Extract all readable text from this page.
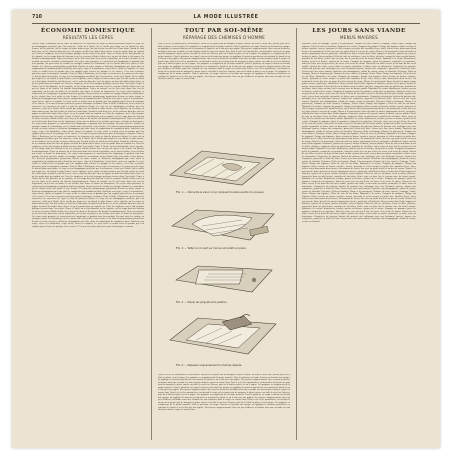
710	LA MODE ILLUSTRÉE
ÉCONOMIE DOMESTIQUE
RÉSULTATS LES CÈPES

Dans le Midi, à Bordeaux, on les cèpes en conserves; les conserves de cèpes se font de plusieurs façons. Le cèpe est un champignon excellent, que l'on conserve, séché ou à l'huile. On le cueille par temps sec; on choisit les plus fermes, on les épluche, on les coupe en lames minces que l'on fait sécher au soleil ou à four doux. Quand ils sont bien secs, on les enferme dans des sacs de papier ou dans des boîtes bien closes et on les garde dans un endroit sec. Pour les employer, on les fait tremper quelques heures dans l'eau tiède. Cèpes à l'huile: on les fait blanchir, on les égoutte, on les range dans des bocaux et on les recouvre d'huile d'olive avec un peu de thym et de laurier. On bouche hermétiquement. Cèpes au naturel: on les fait cuire dans leur eau de végétation, on les met en boîtes et on stérilise une heure et demie au bain-marie. Les cèpes ainsi préparés se conservent très longtemps et gardent tout leur parfum. On peut aussi les confire au vinaigre comme les cornichons; on les choisit alors très petits et très fermes. Ces diverses préparations permettent d'avoir en toute saison ce délicieux champignon qui entre dans la composition de nombreux plats. Omelette aux cèpes, cèpes à la bordelaise, cèpes farcis, sauces et ragoûts. Le cèpe séché se réduit aussi en poudre que l'on emploie pour relever les potages et les sauces. C'est une ressource précieuse pour la ménagère économe. Dans le Midi, à Bordeaux, on les cèpes en conserves; les conserves de cèpes se font de plusieurs façons. Le cèpe est un champignon excellent, que l'on conserve, séché ou à l'huile. On le cueille par temps sec; on choisit les plus fermes, on les épluche, on les coupe en lames minces que l'on fait sécher au soleil ou à four doux. Quand ils sont bien secs, on les enferme dans des sacs de papier ou dans des boîtes bien closes et on les garde dans un endroit sec. Pour les employer, on les fait tremper quelques heures dans l'eau tiède. Cèpes à l'huile: on les fait blanchir, on les égoutte, on les range dans des bocaux et on les recouvre d'huile d'olive avec un peu de thym et de laurier. On bouche hermétiquement. Cèpes au naturel: on les fait cuire dans leur eau de végétation, on les met en boîtes et on stérilise une heure et demie au bain-marie. Les cèpes ainsi préparés se conservent très longtemps et gardent tout leur parfum. On peut aussi les confire au vinaigre comme les cornichons; on les choisit alors très petits et très fermes. Ces diverses préparations permettent d'avoir en toute saison ce délicieux champignon qui entre dans la composition de nombreux plats. Omelette aux cèpes, cèpes à la bordelaise, cèpes farcis, sauces et ragoûts. Le cèpe séché se réduit aussi en poudre que l'on emploie pour relever les potages et les sauces. C'est une ressource précieuse pour la ménagère économe. Dans le Midi, à Bordeaux, on les cèpes en conserves; les conserves de cèpes se font de plusieurs façons. Le cèpe est un champignon excellent, que l'on conserve, séché ou à l'huile. On le cueille par temps sec; on choisit les plus fermes, on les épluche, on les coupe en lames minces que l'on fait sécher au soleil ou à four doux. Quand ils sont bien secs, on les enferme dans des sacs de papier ou dans des boîtes bien closes et on les garde dans un endroit sec. Pour les employer, on les fait tremper quelques heures dans l'eau tiède. Cèpes à l'huile: on les fait blanchir, on les égoutte, on les range dans des bocaux et on les recouvre d'huile d'olive avec un peu de thym et de laurier. On bouche hermétiquement. Cèpes au naturel: on les fait cuire dans leur eau de végétation, on les met en boîtes et on stérilise une heure et demie au bain-marie. Les cèpes ainsi préparés se conservent très longtemps et gardent tout leur parfum. On peut aussi les confire au vinaigre comme les cornichons; on les choisit alors très petits et très fermes. Ces diverses préparations permettent d'avoir en toute saison ce délicieux champignon qui entre dans la composition de nombreux plats. Omelette aux cèpes, cèpes à la bordelaise, cèpes farcis, sauces et ragoûts. Le cèpe séché se réduit aussi en poudre que l'on emploie pour relever les potages et les sauces. C'est une ressource précieuse pour la ménagère économe. Dans le Midi, à Bordeaux, on les cèpes en conserves; les conserves de cèpes se font de plusieurs façons. Le cèpe est un champignon excellent, que l'on conserve, séché ou à l'huile. On le cueille par temps sec; on choisit les plus fermes, on les épluche, on les coupe en lames minces que l'on fait sécher au soleil ou à four doux. Quand ils sont bien secs, on les enferme dans des sacs de papier ou dans des boîtes bien closes et on les garde dans un endroit sec. Pour les employer, on les fait tremper quelques heures dans l'eau tiède. Cèpes à l'huile: on les fait blanchir, on les égoutte, on les range dans des bocaux et on les recouvre d'huile d'olive avec un peu de thym et de laurier. On bouche hermétiquement. Cèpes au naturel: on les fait cuire dans leur eau de végétation, on les met en boîtes et on stérilise une heure et demie au bain-marie. Les cèpes ainsi préparés se conservent très longtemps et gardent tout leur parfum. On peut aussi les confire au vinaigre comme les cornichons; on les choisit alors très petits et très fermes. Ces diverses préparations permettent d'avoir en toute saison ce délicieux champignon qui entre dans la composition de nombreux plats. Omelette aux cèpes, cèpes à la bordelaise, cèpes farcis, sauces et ragoûts. Le cèpe séché se réduit aussi en poudre que l'on emploie pour relever les potages et les sauces. C'est une ressource précieuse pour la ménagère économe. Dans le Midi, à Bordeaux, on les cèpes en conserves; les conserves de cèpes se font de plusieurs façons. Le cèpe est un champignon excellent, que l'on conserve, séché ou à l'huile. On le cueille par temps sec; on choisit les plus fermes, on les épluche, on les coupe en lames minces que l'on fait sécher au soleil ou à four doux. Quand ils sont bien secs, on les enferme dans des sacs de papier ou dans des boîtes bien closes et on les garde dans un endroit sec. Pour les employer, on les fait tremper quelques heures dans l'eau tiède. Cèpes à l'huile: on les fait blanchir, on les égoutte, on les range dans des bocaux et on les recouvre d'huile d'olive avec un peu de thym et de laurier. On bouche hermétiquement. Cèpes au naturel: on les fait cuire dans leur eau de végétation, on les met en boîtes et on stérilise une heure et demie au bain-marie. Les cèpes ainsi préparés se conservent très longtemps et gardent tout leur parfum. On peut aussi les confire au vinaigre comme les cornichons; on les choisit alors très petits et très fermes. Ces diverses préparations permettent d'avoir en toute saison ce délicieux champignon qui entre dans la composition de nombreux plats. Omelette aux cèpes, cèpes à la bordelaise, cèpes farcis, sauces et ragoûts. Le cèpe séché se réduit aussi en poudre que l'on emploie pour relever les potages et les sauces. C'est une ressource précieuse pour la ménagère économe. Dans le Midi, à Bordeaux, on les cèpes en conserves; les conserves de cèpes se font de plusieurs façons. Le cèpe est un champignon excellent, que l'on conserve, séché ou à l'huile. On le cueille par temps sec; on choisit les plus fermes, on les épluche, on les coupe en lames minces que l'on fait sécher au soleil ou à four doux. Quand ils sont bien secs, on les enferme dans des sacs de papier ou dans des boîtes bien closes et on les garde dans un endroit sec. Pour les employer, on les fait tremper quelques heures dans l'eau tiède. Cèpes à l'huile: on les fait blanchir, on les égoutte, on les range dans des bocaux et on les recouvre d'huile d'olive avec un peu de thym et de laurier. On bouche hermétiquement. Cèpes au naturel: on les fait cuire dans leur eau de végétation, on les met en boîtes et on stérilise une heure et demie au bain-marie. Les cèpes ainsi préparés se conservent très longtemps et gardent tout leur parfum. On peut aussi les confire au vinaigre comme les cornichons; on les choisit alors très petits et très fermes. Ces diverses préparations permettent d'avoir en toute saison ce délicieux champignon qui entre dans la composition de nombreux plats. Omelette aux cèpes, cèpes à la bordelaise, cèpes farcis, sauces et ragoûts. Le cèpe séché se réduit aussi en poudre que l'on emploie pour relever les potages et les sauces. C'est une ressource précieuse pour la ménagère économe.

TOUT PAR SOI-MÊME
RÉPARAGE DES CHEMISES D'HOMME

Pour le col et les manchettes, on découd le vieux col en ayant soin de marquer la place exacte; on taille le neuf sur l'ancien, puis on le bâtit en place et on le pique. Les poignets se remplacent de la même manière. Pour le plastron, on coupe l'ancien en laissant une marge; on applique le nouveau par-dessus en rentrant les bords et on le fixe par une piqûre. On repasse soigneusement. Avec un peu d'adresse on donne ainsi une seconde vie aux chemises dont le corps est encore bon. Pour le col et les manchettes, on découd le vieux col en ayant soin de marquer la place exacte; on taille le neuf sur l'ancien, puis on le bâtit en place et on le pique. Les poignets se remplacent de la même manière. Pour le plastron, on coupe l'ancien en laissant une marge; on applique le nouveau par-dessus en rentrant les bords et on le fixe par une piqûre. On repasse soigneusement. Avec un peu d'adresse on donne ainsi une seconde vie aux chemises dont le corps est encore bon. Pour le col et les manchettes, on découd le vieux col en ayant soin de marquer la place exacte; on taille le neuf sur l'ancien, puis on le bâtit en place et on le pique. Les poignets se remplacent de la même manière. Pour le plastron, on coupe l'ancien en laissant une marge; on applique le nouveau par-dessus en rentrant les bords et on le fixe par une piqûre. On repasse soigneusement. Avec un peu d'adresse on donne ainsi une seconde vie aux chemises dont le corps est encore bon. Pour le col et les manchettes, on découd le vieux col en ayant soin de marquer la place exacte; on taille le neuf sur l'ancien, puis on le bâtit en place et on le pique. Les poignets se remplacent de la même manière. Pour le plastron, on coupe l'ancien en laissant une marge; on applique le nouveau par-dessus en rentrant les bords et on le fixe par une piqûre. On repasse soigneusement. Avec un peu d'adresse on donne ainsi une seconde vie aux chemises dont le corps est encore bon.

FIG. 1. — Découdre le vieux col en marquant la place exacte du nouveau.
FIG. 2. — Tailler le col neuf sur l'ancien et le bâtir en place.
FIG. 3. — Piquer les poignets et le plastron.
FIG. 4. — Repasser soigneusement la chemise réparée.

Pour le col et les manchettes, on découd le vieux col en ayant soin de marquer la place exacte; on taille le neuf sur l'ancien, puis on le bâtit en place et on le pique. Les poignets se remplacent de la même manière. Pour le plastron, on coupe l'ancien en laissant une marge; on applique le nouveau par-dessus en rentrant les bords et on le fixe par une piqûre. On repasse soigneusement. Avec un peu d'adresse on donne ainsi une seconde vie aux chemises dont le corps est encore bon. Pour le col et les manchettes, on découd le vieux col en ayant soin de marquer la place exacte; on taille le neuf sur l'ancien, puis on le bâtit en place et on le pique. Les poignets se remplacent de la même manière. Pour le plastron, on coupe l'ancien en laissant une marge; on applique le nouveau par-dessus en rentrant les bords et on le fixe par une piqûre. On repasse soigneusement. Avec un peu d'adresse on donne ainsi une seconde vie aux chemises dont le corps est encore bon. Pour le col et les manchettes, on découd le vieux col en ayant soin de marquer la place exacte; on taille le neuf sur l'ancien, puis on le bâtit en place et on le pique. Les poignets se remplacent de la même manière. Pour le plastron, on coupe l'ancien en laissant une marge; on applique le nouveau par-dessus en rentrant les bords et on le fixe par une piqûre. On repasse soigneusement. Avec un peu d'adresse on donne ainsi une seconde vie aux chemises dont le corps est encore bon. Pour le col et les manchettes, on découd le vieux col en ayant soin de marquer la place exacte; on taille le neuf sur l'ancien, puis on le bâtit en place et on le pique. Les poignets se remplacent de la même manière. Pour le plastron, on coupe l'ancien en laissant une marge; on applique le nouveau par-dessus en rentrant les bords et on le fixe par une piqûre. On repasse soigneusement. Avec un peu d'adresse on donne ainsi une seconde vie aux chemises dont le corps est encore bon.

LES JOURS SANS VIANDE
MENUS MAIGRES

Déjeuner: Œufs au fromage, Morue à la provençale, Pommes de terre sautées, Fromage, Fruits. Dîner: Potage aux légumes, Filets de sole au vin blanc, Épinards à la crème, Compote de pommes. Potage aux légumes: faites revenir au beurre carottes, navets, poireaux et céleri coupés en petits dés; mouillez d'eau, salez, laissez cuire doucement deux heures. Au moment de servir, liez avec un jaune d'œuf et un peu de crème. Morue à la provençale: faites dessaler la morue vingt-quatre heures, pochez-la, effeuillez-la; faites revenir dans l'huile oignons et tomates, ajoutez ail et persil, mettez la morue, laissez mijoter. Filets de sole au vin blanc: levez les filets, pliez-les, rangez-les dans un plat beurré, mouillez de vin blanc, faites cuire au four, liez la cuisson avec du beurre manié. Épinards à la crème: blanchissez, hachez, passez au beurre, ajoutez de la crème. Compote de pommes: pelez les pommes, coupez-les en quartiers, faites-les cuire avec un peu d'eau, de sucre et de zeste de citron. Gâteau de riz: faites crever le riz dans du lait sucré vanillé, ajoutez des œufs, versez dans un moule caramélisé et faites cuire au bain-marie. Croquettes de poisson: hachez du poisson cuit, mélangez avec une béchamel épaisse, formez des croquettes, panez-les et faites-les frire. Servez avec une sauce tomate. Omelette aux champignons, salade de saison, crème au chocolat. Déjeuner: Œufs au fromage, Morue à la provençale, Pommes de terre sautées, Fromage, Fruits. Dîner: Potage aux légumes, Filets de sole au vin blanc, Épinards à la crème, Compote de pommes. Potage aux légumes: faites revenir au beurre carottes, navets, poireaux et céleri coupés en petits dés; mouillez d'eau, salez, laissez cuire doucement deux heures. Au moment de servir, liez avec un jaune d'œuf et un peu de crème. Morue à la provençale: faites dessaler la morue vingt-quatre heures, pochez-la, effeuillez-la; faites revenir dans l'huile oignons et tomates, ajoutez ail et persil, mettez la morue, laissez mijoter. Filets de sole au vin blanc: levez les filets, pliez-les, rangez-les dans un plat beurré, mouillez de vin blanc, faites cuire au four, liez la cuisson avec du beurre manié. Épinards à la crème: blanchissez, hachez, passez au beurre, ajoutez de la crème. Compote de pommes: pelez les pommes, coupez-les en quartiers, faites-les cuire avec un peu d'eau, de sucre et de zeste de citron. Gâteau de riz: faites crever le riz dans du lait sucré vanillé, ajoutez des œufs, versez dans un moule caramélisé et faites cuire au bain-marie. Croquettes de poisson: hachez du poisson cuit, mélangez avec une béchamel épaisse, formez des croquettes, panez-les et faites-les frire. Servez avec une sauce tomate. Omelette aux champignons, salade de saison, crème au chocolat. Déjeuner: Œufs au fromage, Morue à la provençale, Pommes de terre sautées, Fromage, Fruits. Dîner: Potage aux légumes, Filets de sole au vin blanc, Épinards à la crème, Compote de pommes. Potage aux légumes: faites revenir au beurre carottes, navets, poireaux et céleri coupés en petits dés; mouillez d'eau, salez, laissez cuire doucement deux heures. Au moment de servir, liez avec un jaune d'œuf et un peu de crème. Morue à la provençale: faites dessaler la morue vingt-quatre heures, pochez-la, effeuillez-la; faites revenir dans l'huile oignons et tomates, ajoutez ail et persil, mettez la morue, laissez mijoter. Filets de sole au vin blanc: levez les filets, pliez-les, rangez-les dans un plat beurré, mouillez de vin blanc, faites cuire au four, liez la cuisson avec du beurre manié. Épinards à la crème: blanchissez, hachez, passez au beurre, ajoutez de la crème. Compote de pommes: pelez les pommes, coupez-les en quartiers, faites-les cuire avec un peu d'eau, de sucre et de zeste de citron. Gâteau de riz: faites crever le riz dans du lait sucré vanillé, ajoutez des œufs, versez dans un moule caramélisé et faites cuire au bain-marie. Croquettes de poisson: hachez du poisson cuit, mélangez avec une béchamel épaisse, formez des croquettes, panez-les et faites-les frire. Servez avec une sauce tomate. Omelette aux champignons, salade de saison, crème au chocolat. Déjeuner: Œufs au fromage, Morue à la provençale, Pommes de terre sautées, Fromage, Fruits. Dîner: Potage aux légumes, Filets de sole au vin blanc, Épinards à la crème, Compote de pommes. Potage aux légumes: faites revenir au beurre carottes, navets, poireaux et céleri coupés en petits dés; mouillez d'eau, salez, laissez cuire doucement deux heures. Au moment de servir, liez avec un jaune d'œuf et un peu de crème. Morue à la provençale: faites dessaler la morue vingt-quatre heures, pochez-la, effeuillez-la; faites revenir dans l'huile oignons et tomates, ajoutez ail et persil, mettez la morue, laissez mijoter. Filets de sole au vin blanc: levez les filets, pliez-les, rangez-les dans un plat beurré, mouillez de vin blanc, faites cuire au four, liez la cuisson avec du beurre manié. Épinards à la crème: blanchissez, hachez, passez au beurre, ajoutez de la crème. Compote de pommes: pelez les pommes, coupez-les en quartiers, faites-les cuire avec un peu d'eau, de sucre et de zeste de citron. Gâteau de riz: faites crever le riz dans du lait sucré vanillé, ajoutez des œufs, versez dans un moule caramélisé et faites cuire au bain-marie. Croquettes de poisson: hachez du poisson cuit, mélangez avec une béchamel épaisse, formez des croquettes, panez-les et faites-les frire. Servez avec une sauce tomate. Omelette aux champignons, salade de saison, crème au chocolat. Déjeuner: Œufs au fromage, Morue à la provençale, Pommes de terre sautées, Fromage, Fruits. Dîner: Potage aux légumes, Filets de sole au vin blanc, Épinards à la crème, Compote de pommes. Potage aux légumes: faites revenir au beurre carottes, navets, poireaux et céleri coupés en petits dés; mouillez d'eau, salez, laissez cuire doucement deux heures. Au moment de servir, liez avec un jaune d'œuf et un peu de crème. Morue à la provençale: faites dessaler la morue vingt-quatre heures, pochez-la, effeuillez-la; faites revenir dans l'huile oignons et tomates, ajoutez ail et persil, mettez la morue, laissez mijoter. Filets de sole au vin blanc: levez les filets, pliez-les, rangez-les dans un plat beurré, mouillez de vin blanc, faites cuire au four, liez la cuisson avec du beurre manié. Épinards à la crème: blanchissez, hachez, passez au beurre, ajoutez de la crème. Compote de pommes: pelez les pommes, coupez-les en quartiers, faites-les cuire avec un peu d'eau, de sucre et de zeste de citron. Gâteau de riz: faites crever le riz dans du lait sucré vanillé, ajoutez des œufs, versez dans un moule caramélisé et faites cuire au bain-marie. Croquettes de poisson: hachez du poisson cuit, mélangez avec une béchamel épaisse, formez des croquettes, panez-les et faites-les frire. Servez avec une sauce tomate. Omelette aux champignons, salade de saison, crème au chocolat. Déjeuner: Œufs au fromage, Morue à la provençale, Pommes de terre sautées, Fromage, Fruits. Dîner: Potage aux légumes, Filets de sole au vin blanc, Épinards à la crème, Compote de pommes. Potage aux légumes: faites revenir au beurre carottes, navets, poireaux et céleri coupés en petits dés; mouillez d'eau, salez, laissez cuire doucement deux heures. Au moment de servir, liez avec un jaune d'œuf et un peu de crème. Morue à la provençale: faites dessaler la morue vingt-quatre heures, pochez-la, effeuillez-la; faites revenir dans l'huile oignons et tomates, ajoutez ail et persil, mettez la morue, laissez mijoter. Filets de sole au vin blanc: levez les filets, pliez-les, rangez-les dans un plat beurré, mouillez de vin blanc, faites cuire au four, liez la cuisson avec du beurre manié. Épinards à la crème: blanchissez, hachez, passez au beurre, ajoutez de la crème. Compote de pommes: pelez les pommes, coupez-les en quartiers, faites-les cuire avec un peu d'eau, de sucre et de zeste de citron. Gâteau de riz: faites crever le riz dans du lait sucré vanillé, ajoutez des œufs, versez dans un moule caramélisé et faites cuire au bain-marie. Croquettes de poisson: hachez du poisson cuit, mélangez avec une béchamel épaisse, formez des croquettes, panez-les et faites-les frire. Servez avec une sauce tomate. Omelette aux champignons, salade de saison, crème au chocolat.
